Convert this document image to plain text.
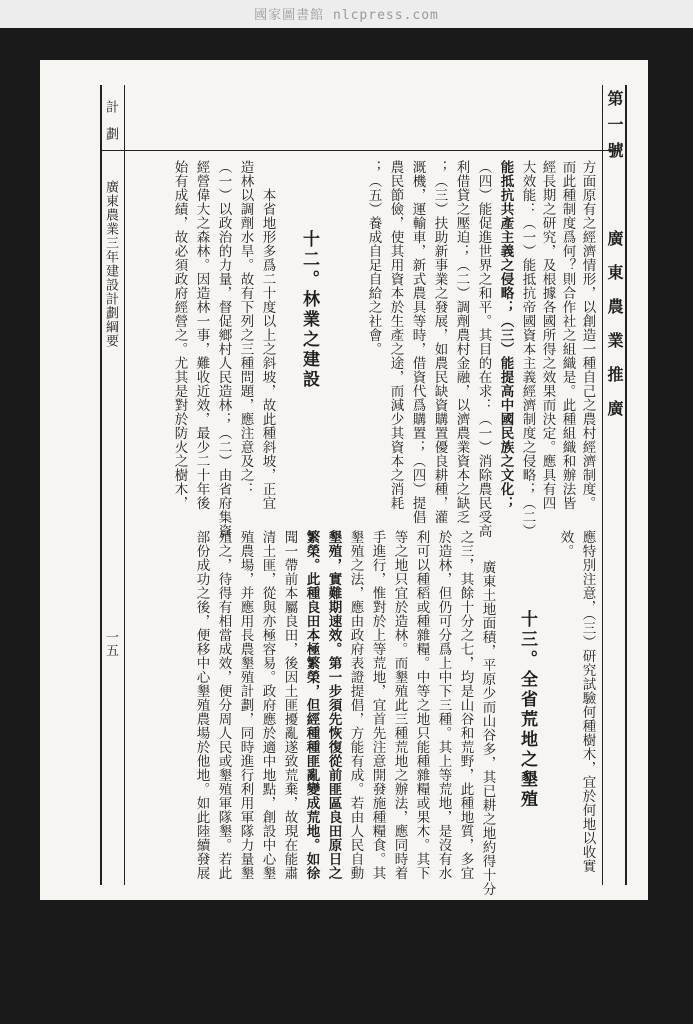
國家圖書館 nlcpress.com
廣東農業推廣
第一號
計劃
廣東農業三年建設計劃綱要
一五
方面原有之經濟情形，以創造一種自己之農村經濟制度。
而此種制度爲何？則合作社之組織是。此種組織和辦法皆
經長期之研究，及根據各國所得之效果而決定。應具有四
大效能：（一）能抵抗帝國資本主義經濟制度之侵略；（二）
能抵抗共產主義之侵略；（三）能提高中國民族之文化；
（四）能促進世界之和平。其目的在求：（一）消除農民受高
利借貸之壓迫；（二）調劑農村金融，以濟農業資本之缺乏
；（三）扶助新事業之發展，如農民缺資購置優良耕種，灌
溉機，運輸車，新式農具等時，借資代爲購置；（四）提倡
農民節儉，使其用資本於生產之途，而減少其資本之消耗
；（五）養成自足自給之社會。
十二。林業之建設
本省地形多爲二十度以上之斜坡，故此種斜坡，正宜
造林以調劑水旱。故有下列之三種問題，應注意及之：
（一）以政治的力量，督促鄉村人民造林；（二）由省府集資
經營偉大之森林。因造林一事，難收近效，最少二十年後
始有成績，故必須政府經營之。尤其是對於防火之樹木，
應特別注意，（三）研究試驗何種樹木，宜於何地以收實
效。
十三。全省荒地之墾殖
廣東土地面積，平原少而山谷多，其已耕之地約得十分
之三，其餘十分之七，均是山谷和荒野，此種地質，多宜
於造林，但仍可分爲上中下三種。其上等荒地，是沒有水
利可以種稻或種雜糧。中等之地只能種雜糧或果木。其下
等之地只宜於造林。而墾殖此三種荒地之辦法，應同時着
手進行，惟對於上等荒地，宜首先注意開發施種糧食。其
墾殖之法，應由政府表證提倡，方能有成。若由人民自動
墾殖，實難期速效。第一步須先恢復從前匪區良田原日之
繁榮。此種良田本極繁榮，但經種種匪亂變成荒地。如徐
聞一帶前本屬良田，後因土匪擾亂遂致荒棄，故現在能肅
清土匪，從與亦極容易。政府應於適中地點，創設中心墾
殖農場，并應用長農墾殖計劃，同時進行利用軍隊力量墾
殖之，待得有相當成效，便分周人民或墾殖軍隊墾。若此
部份成功之後，便移中心墾殖農場於他地。如此陸續發展
